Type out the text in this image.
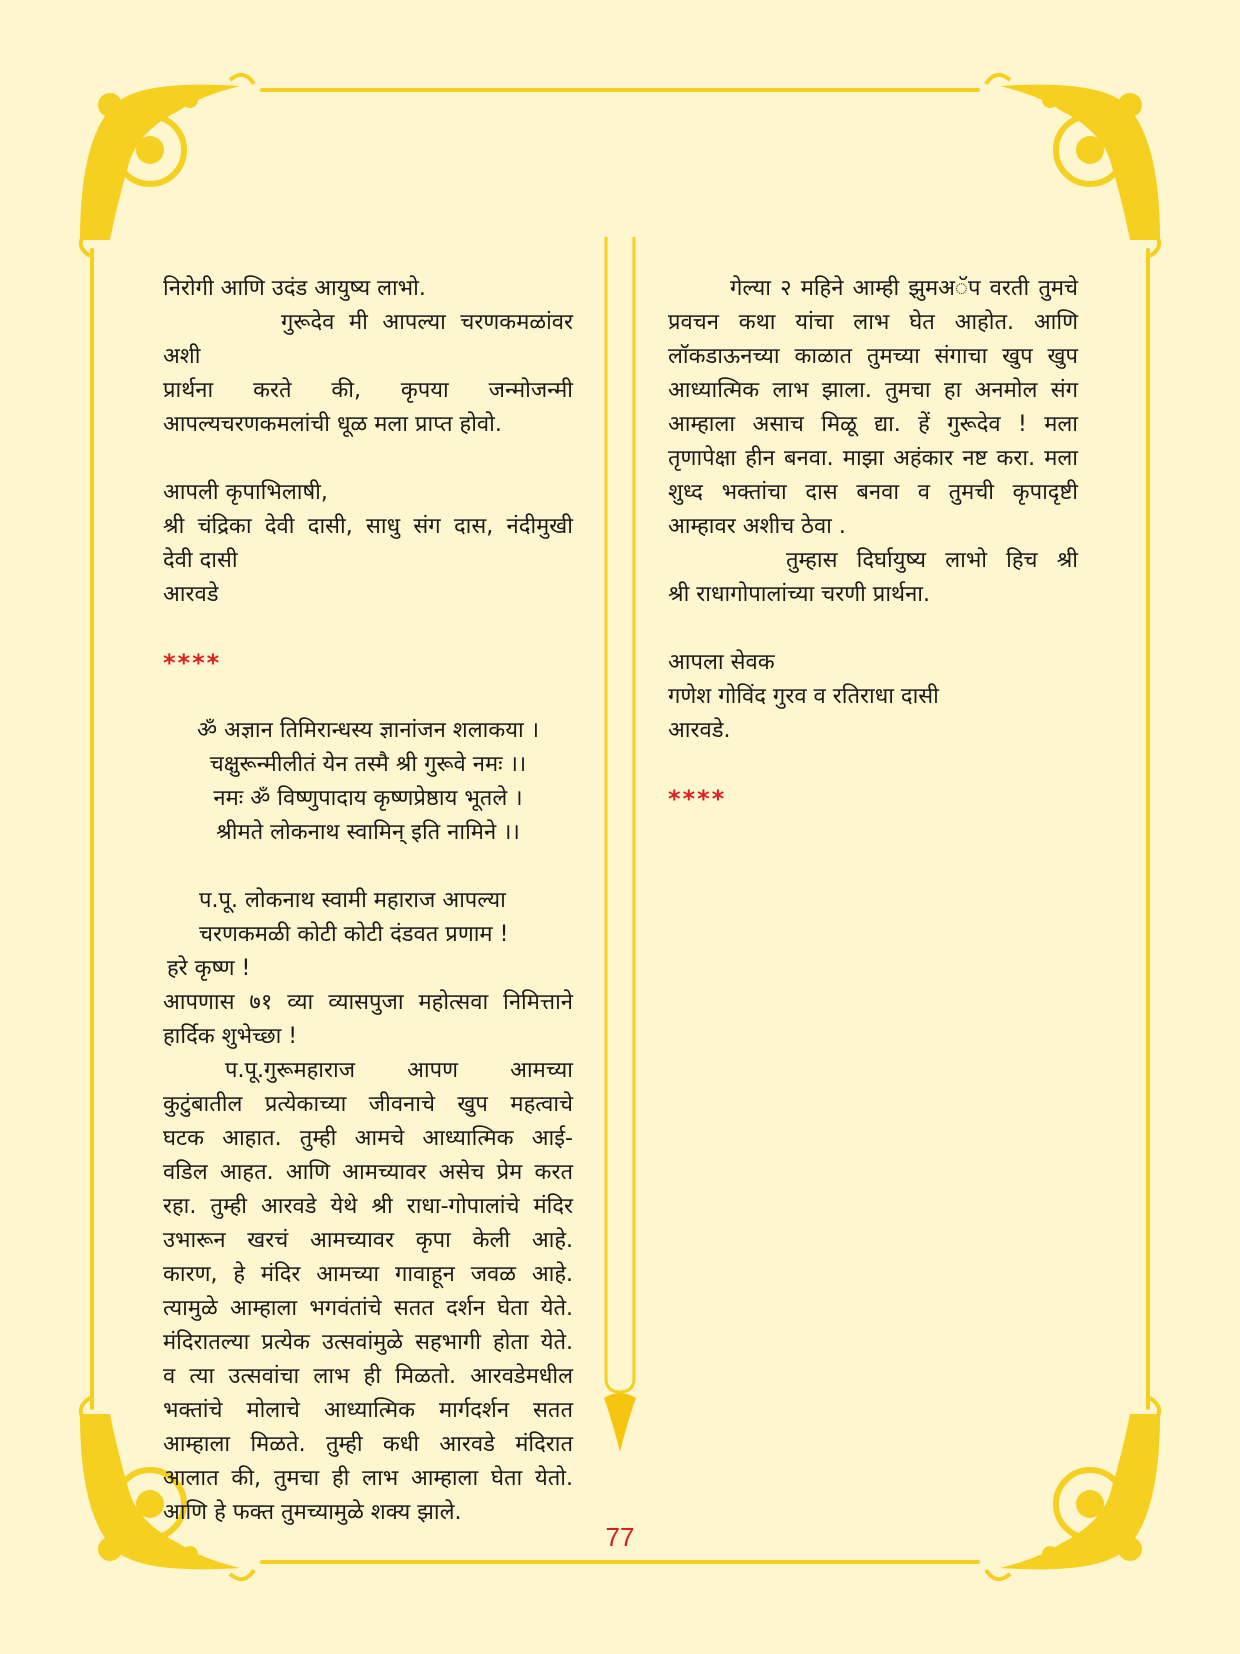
निरोगी आणि उदंड आयुष्य लाभो.

गुरूदेव मी आपल्या चरणकमळांवर अशी

प्रार्थना करते की, कृपया जन्मोजन्मी

आपल्यचरणकमलांची धूळ मला प्राप्त होवो.

आपली कृपाभिलाषी,

श्री चंद्रिका देवी दासी, साधु संग दास, नंदीमुखी

देवी दासी

आरवडे

****

ॐ अज्ञान तिमिरान्धस्य ज्ञानांजन शलाकया ।

चक्षुरून्मीलीतं येन तस्मै श्री गुरूवे नमः ।।

नमः ॐ विष्णुपादाय कृष्णप्रेष्ठाय भूतले ।

श्रीमते लोकनाथ स्वामिन् इति नामिने ।।

प.पू. लोकनाथ स्वामी महाराज आपल्या

चरणकमळी कोटी कोटी दंडवत प्रणाम !

हरे कृष्ण !

आपणास ७१ व्या व्यासपुजा महोत्सवा निमित्ताने

हार्दिक शुभेच्छा !

प.पू.गुरूमहाराज आपण आमच्या

कुटुंबातील प्रत्येकाच्या जीवनाचे खुप महत्वाचे

घटक आहात. तुम्ही आमचे आध्यात्मिक आई-

वडिल आहत. आणि आमच्यावर असेच प्रेम करत

रहा. तुम्ही आरवडे येथे श्री राधा-गोपालांचे मंदिर

उभारून खरचं आमच्यावर कृपा केली आहे.

कारण, हे मंदिर आमच्या गावाहून जवळ आहे.

त्यामुळे आम्हाला भगवंतांचे सतत दर्शन घेता येते.

मंदिरातल्या प्रत्येक उत्सवांमुळे सहभागी होता येते.

व त्या उत्सवांचा लाभ ही मिळतो. आरवडेमधील

भक्तांचे मोलाचे आध्यात्मिक मार्गदर्शन सतत

आम्हाला मिळते. तुम्ही कधी आरवडे मंदिरात

आलात की, तुमचा ही लाभ आम्हाला घेता येतो.

आणि हे फक्त तुमच्यामुळे शक्य झाले.

गेल्या २ महिने आम्ही झुमअॅप वरती तुमचे

प्रवचन कथा यांचा लाभ घेत आहोत. आणि

लॉकडाऊनच्या काळात तुमच्या संगाचा खुप खुप

आध्यात्मिक लाभ झाला. तुमचा हा अनमोल संग

आम्हाला असाच मिळू द्या. हें गुरूदेव ! मला

तृणापेक्षा हीन बनवा. माझा अहंकार नष्ट करा. मला

शुध्द भक्तांचा दास बनवा व तुमची कृपादृष्टी

आम्हावर अशीच ठेवा .

तुम्हास दिर्घायुष्य लाभो हिच श्री

श्री राधागोपालांच्या चरणी प्रार्थना.

आपला सेवक

गणेश गोविंद गुरव व रतिराधा दासी

आरवडे.

****

77
